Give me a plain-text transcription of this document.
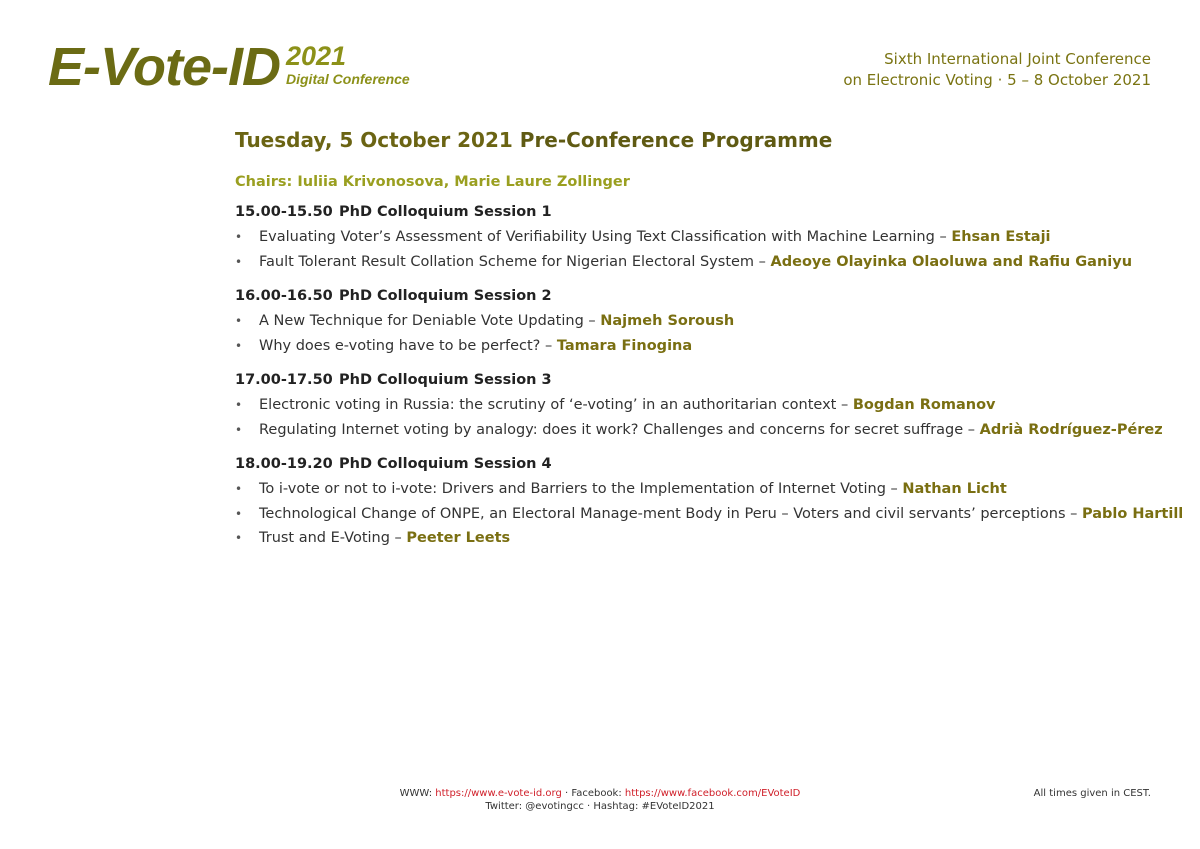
E-Vote-ID 2021
Digital Conference
Sixth International Joint Conference
on Electronic Voting · 5 – 8 October 2021
Tuesday, 5 October 2021 Pre-Conference Programme
Chairs: Iuliia Krivonosova, Marie Laure Zollinger
15.00-15.50 PhD Colloquium Session 1
• Evaluating Voter’s Assessment of Verifiability Using Text Classification with Machine Learning – Ehsan Estaji
• Fault Tolerant Result Collation Scheme for Nigerian Electoral System – Adeoye Olayinka Olaoluwa and Rafiu Ganiyu
16.00-16.50 PhD Colloquium Session 2
• A New Technique for Deniable Vote Updating – Najmeh Soroush
• Why does e-voting have to be perfect? – Tamara Finogina
17.00-17.50 PhD Colloquium Session 3
• Electronic voting in Russia: the scrutiny of ‘e-voting’ in an authoritarian context – Bogdan Romanov
• Regulating Internet voting by analogy: does it work? Challenges and concerns for secret suffrage – Adrià Rodríguez-Pérez
18.00-19.20 PhD Colloquium Session 4
• To i-vote or not to i-vote: Drivers and Barriers to the Implementation of Internet Voting – Nathan Licht
• Technological Change of ONPE, an Electoral Manage-ment Body in Peru – Voters and civil servants’ perceptions – Pablo Hartill
• Trust and E-Voting – Peeter Leets
WWW: https://www.e-vote-id.org · Facebook: https://www.facebook.com/EVoteID
Twitter: @evotingcc · Hashtag: #EVoteID2021
All times given in CEST.
